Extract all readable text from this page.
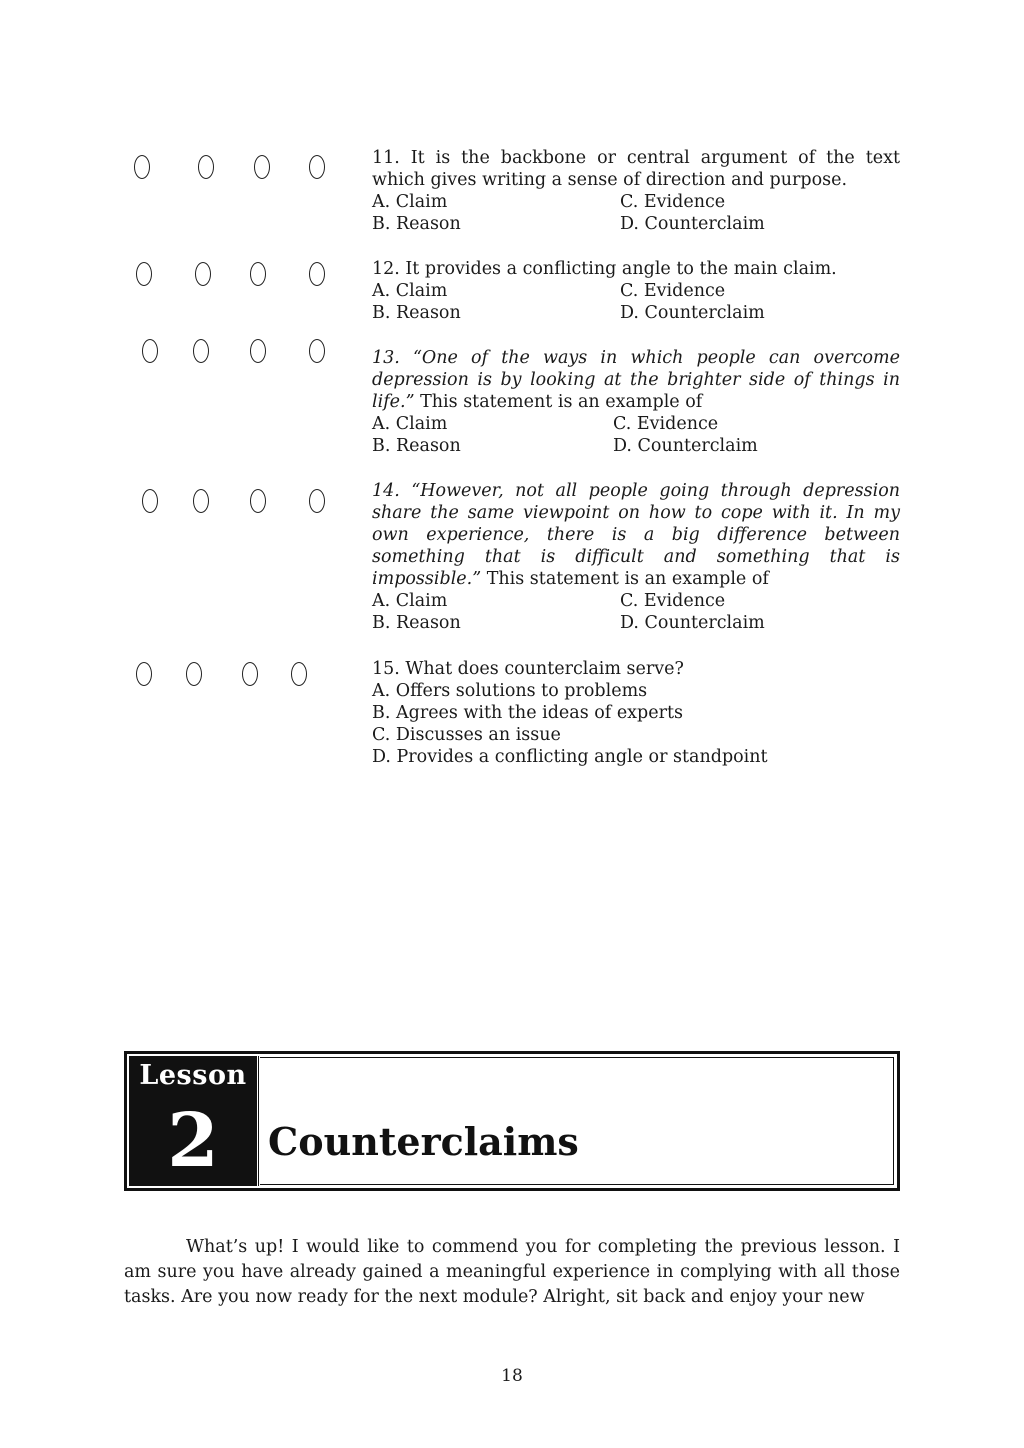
11. It is the backbone or central argument of the text which gives writing a sense of direction and purpose.

A. Claim	C. Evidence
B. Reason	D. Counterclaim

12. It provides a conflicting angle to the main claim.

A. Claim	C. Evidence
B. Reason	D. Counterclaim

13. “One of the ways in which people can overcome depression is by looking at the brighter side of things in life.” This statement is an example of

A. Claim	C. Evidence
B. Reason	D. Counterclaim

14. “However, not all people going through depression share the same viewpoint on how to cope with it. In my own experience, there is a big difference between something that is difficult and something that is impossible.” This statement is an example of

A. Claim	C. Evidence
B. Reason	D. Counterclaim

15. What does counterclaim serve?

A. Offers solutions to problems
B. Agrees with the ideas of experts
C. Discusses an issue
D. Provides a conflicting angle or standpoint
Lesson
2	Counterclaims

What’s up! I would like to commend you for completing the previous lesson. I am sure you have already gained a meaningful experience in complying with all those tasks. Are you now ready for the next module? Alright, sit back and enjoy your new

18
